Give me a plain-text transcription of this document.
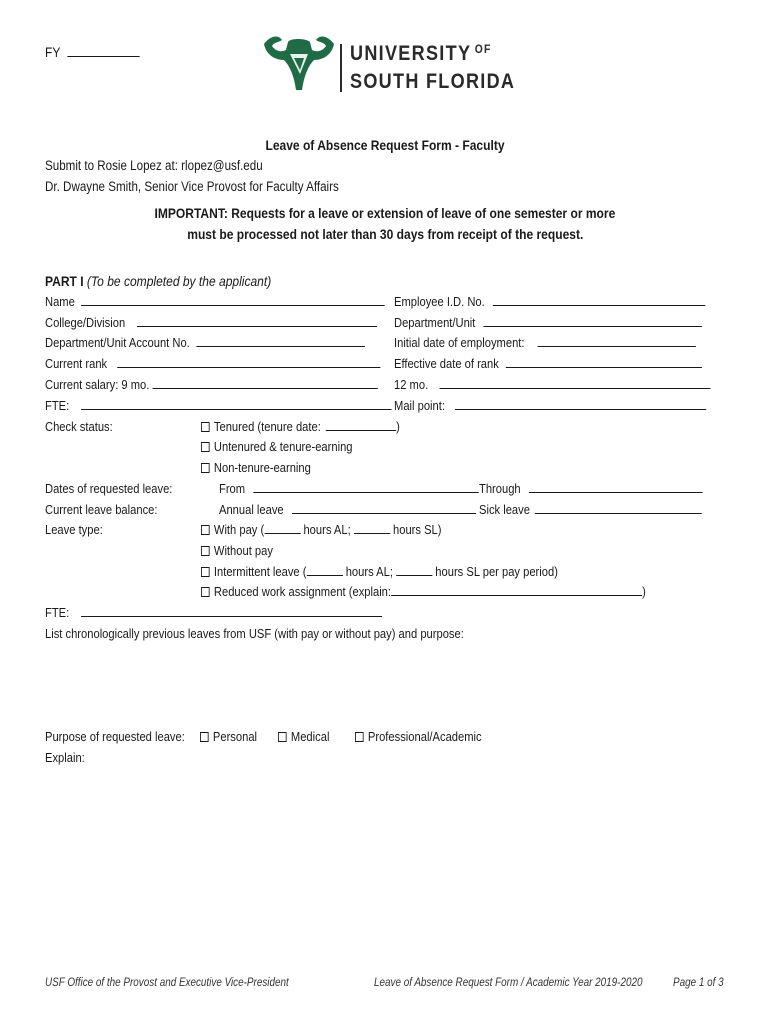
FY	UNIVERSITY $^{OF}$
SOUTH FLORIDA
Leave of Absence Request Form - Faculty
Submit to Rosie Lopez at: rlopez@usf.edu
Dr. Dwayne Smith, Senior Vice Provost for Faculty Affairs
IMPORTANT: Requests for a leave or extension of leave of one semester or more
must be processed not later than 30 days from receipt of the request.
PART I (To be completed by the applicant)
Name	Employee I.D. No.
College/Division	Department/Unit
Department/Unit Account No.	Initial date of employment:
Current rank	Effective date of rank
Current salary: 9 mo.	12 mo.
FTE:	Mail point:
Check status:	Tenured (tenure date:	)
Untenured & tenure-earning
Non-tenure-earning
Dates of requested leave:	From	Through
Current leave balance:	Annual leave	Sick leave
Leave type:	With pay (	hours AL;	hours SL)
Without pay
Intermittent leave (	hours AL;	hours SL per pay period)
Reduced work assignment (explain:	)
FTE:
List chronologically previous leaves from USF (with pay or without pay) and purpose:
Purpose of requested leave:	Personal	Medical	Professional/Academic
Explain:
USF Office of the Provost and Executive Vice-President	Leave of Absence Request Form / Academic Year 2019-2020	Page 1 of 3
